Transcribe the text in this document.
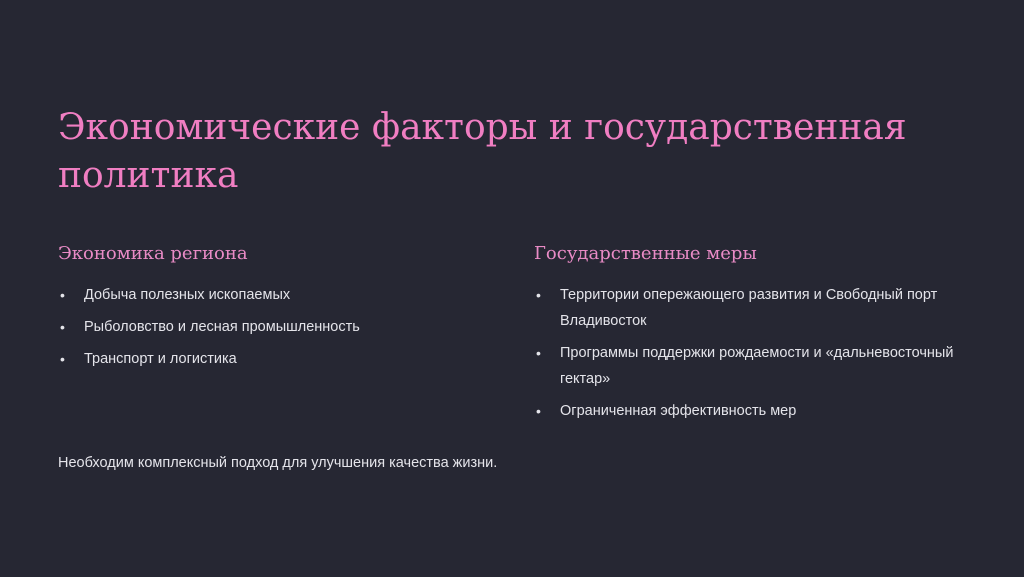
Экономические факторы и государственная политика
Экономика региона
• Добыча полезных ископаемых
• Рыболовство и лесная промышленность
• Транспорт и логистика
Государственные меры
• Территории опережающего развития и Свободный порт Владивосток
• Программы поддержки рождаемости и «дальневосточный гектар»
• Ограниченная эффективность мер

Необходим комплексный подход для улучшения качества жизни.
